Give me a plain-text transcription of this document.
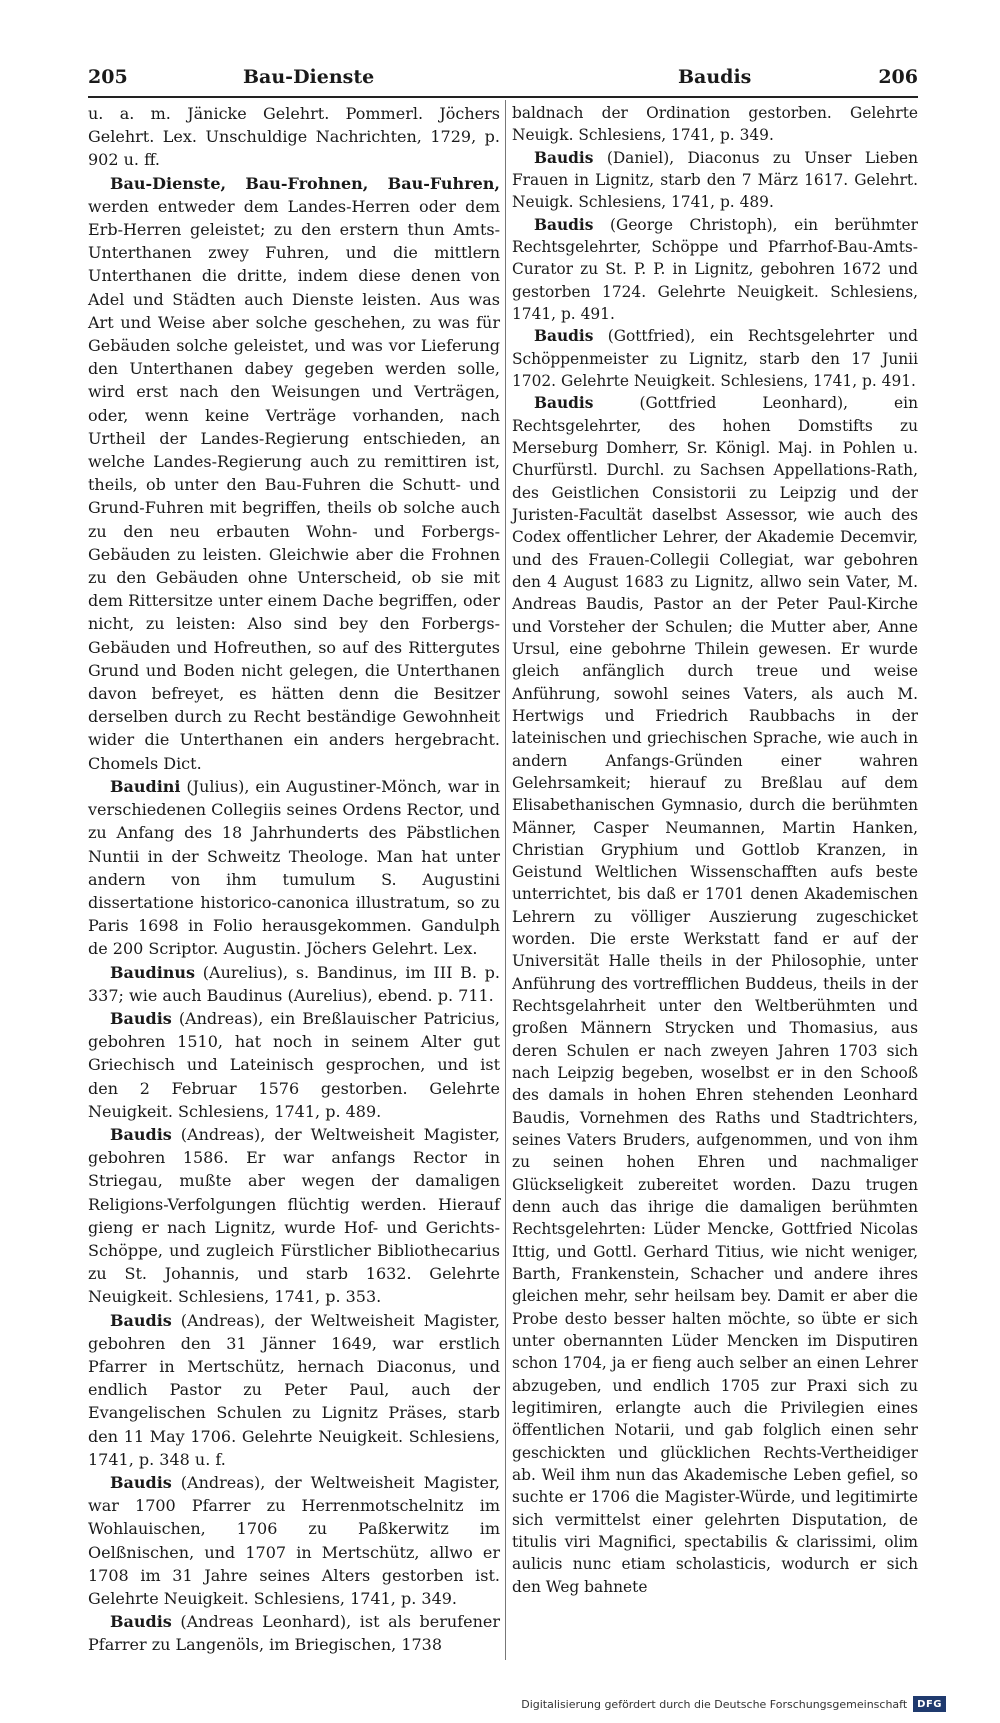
205	Bau-Dienste	Baudis	206

u. a. m. Jänicke Gelehrt. Pommerl. Jöchers Gelehrt. Lex. Unschuldige Nachrichten, 1729, p. 902 u. ff.

Bau-Dienste, Bau-Frohnen, Bau-Fuhren, werden entweder dem Landes-Herren oder dem Erb-Herren geleistet; zu den erstern thun Amts-Unterthanen zwey Fuhren, und die mittlern Unterthanen die dritte, indem diese denen von Adel und Städten auch Dienste leisten. Aus was Art und Weise aber solche geschehen, zu was für Gebäuden solche geleistet, und was vor Lieferung den Unterthanen dabey gegeben werden solle, wird erst nach den Weisungen und Verträgen, oder, wenn keine Verträge vorhanden, nach Urtheil der Landes-Regierung entschieden, an welche Landes-Regierung auch zu remittiren ist, theils, ob unter den Bau-Fuhren die Schutt- und Grund-Fuhren mit begriffen, theils ob solche auch zu den neu erbauten Wohn- und Forbergs-Gebäuden zu leisten. Gleichwie aber die Frohnen zu den Gebäuden ohne Unterscheid, ob sie mit dem Rittersitze unter einem Dache begriffen, oder nicht, zu leisten: Also sind bey den Forbergs-Gebäuden und Hofreuthen, so auf des Rittergutes Grund und Boden nicht gelegen, die Unterthanen davon befreyet, es hätten denn die Besitzer derselben durch zu Recht beständige Gewohnheit wider die Unterthanen ein anders hergebracht. Chomels Dict.

Baudini (Julius), ein Augustiner-Mönch, war in verschiedenen Collegiis seines Ordens Rector, und zu Anfang des 18 Jahrhunderts des Päbstlichen Nuntii in der Schweitz Theologe. Man hat unter andern von ihm tumulum S. Augustini dissertatione historico-canonica illustratum, so zu Paris 1698 in Folio herausgekommen. Gandulph de 200 Scriptor. Augustin. Jöchers Gelehrt. Lex.

Baudinus (Aurelius), s. Bandinus, im III B. p. 337; wie auch Baudinus (Aurelius), ebend. p. 711.

Baudis (Andreas), ein Breßlauischer Patricius, gebohren 1510, hat noch in seinem Alter gut Griechisch und Lateinisch gesprochen, und ist den 2 Februar 1576 gestorben. Gelehrte Neuigkeit. Schlesiens, 1741, p. 489.

Baudis (Andreas), der Weltweisheit Magister, gebohren 1586. Er war anfangs Rector in Striegau, mußte aber wegen der damaligen Religions-Verfolgungen flüchtig werden. Hierauf gieng er nach Lignitz, wurde Hof- und Gerichts-Schöppe, und zugleich Fürstlicher Bibliothecarius zu St. Johannis, und starb 1632. Gelehrte Neuigkeit. Schlesiens, 1741, p. 353.

Baudis (Andreas), der Weltweisheit Magister, gebohren den 31 Jänner 1649, war erstlich Pfarrer in Mertschütz, hernach Diaconus, und endlich Pastor zu Peter Paul, auch der Evangelischen Schulen zu Lignitz Präses, starb den 11 May 1706. Gelehrte Neuigkeit. Schlesiens, 1741, p. 348 u. f.

Baudis (Andreas), der Weltweisheit Magister, war 1700 Pfarrer zu Herrenmotschelnitz im Wohlauischen, 1706 zu Paßkerwitz im Oelßnischen, und 1707 in Mertschütz, allwo er 1708 im 31 Jahre seines Alters gestorben ist. Gelehrte Neuigkeit. Schlesiens, 1741, p. 349.

Baudis (Andreas Leonhard), ist als berufener Pfarrer zu Langenöls, im Briegischen, 1738

baldnach der Ordination gestorben. Gelehrte Neuigk. Schlesiens, 1741, p. 349.

Baudis (Daniel), Diaconus zu Unser Lieben Frauen in Lignitz, starb den 7 März 1617. Gelehrt. Neuigk. Schlesiens, 1741, p. 489.

Baudis (George Christoph), ein berühmter Rechtsgelehrter, Schöppe und Pfarrhof-Bau-Amts-Curator zu St. P. P. in Lignitz, gebohren 1672 und gestorben 1724. Gelehrte Neuigkeit. Schlesiens, 1741, p. 491.

Baudis (Gottfried), ein Rechtsgelehrter und Schöppenmeister zu Lignitz, starb den 17 Junii 1702. Gelehrte Neuigkeit. Schlesiens, 1741, p. 491.

Baudis	(Gottfried Leonhard), ein Rechtsgelehrter, des hohen Domstifts zu Merseburg Domherr, Sr. Königl. Maj. in Pohlen u. Churfürstl. Durchl. zu Sachsen Appellations-Rath, des Geistlichen Consistorii zu Leipzig und der Juristen-Facultät daselbst Assessor, wie auch des Codex offentlicher Lehrer, der Akademie Decemvir, und des Frauen-Collegii Collegiat, war gebohren den 4 August 1683 zu Lignitz, allwo sein Vater, M. Andreas Baudis, Pastor an der Peter Paul-Kirche und Vorsteher der Schulen; die Mutter aber, Anne Ursul, eine gebohrne Thilein gewesen. Er wurde gleich anfänglich durch treue und weise Anführung, sowohl seines Vaters, als auch M. Hertwigs und Friedrich Raubbachs in der lateinischen und griechischen Sprache, wie auch in andern Anfangs-Gründen einer wahren Gelehrsamkeit; hierauf zu Breßlau auf dem Elisabethanischen Gymnasio, durch die berühmten Männer, Casper Neumannen, Martin Hanken, Christian Gryphium und Gottlob Kranzen, in Geistund Weltlichen Wissenschafften aufs beste unterrichtet, bis daß er 1701 denen Akademischen Lehrern zu völliger Auszierung zugeschicket worden. Die erste Werkstatt fand er auf der Universität Halle theils in der Philosophie, unter Anführung des vortrefflichen Buddeus, theils in der Rechtsgelahrheit unter den Weltberühmten und großen Männern Strycken und Thomasius, aus deren Schulen er nach zweyen Jahren 1703 sich nach Leipzig begeben, woselbst er in den Schooß des damals in hohen Ehren stehenden Leonhard Baudis, Vornehmen des Raths und Stadtrichters, seines Vaters Bruders, aufgenommen, und von ihm zu seinen hohen Ehren und nachmaliger Glückseligkeit zubereitet worden. Dazu trugen denn auch das ihrige die damaligen berühmten Rechtsgelehrten: Lüder Mencke, Gottfried Nicolas Ittig, und Gottl. Gerhard Titius, wie nicht weniger, Barth, Frankenstein, Schacher und andere ihres gleichen mehr, sehr heilsam bey. Damit er aber die Probe desto besser halten möchte, so übte er sich unter obernannten Lüder Mencken im Disputiren schon 1704, ja er fieng auch selber an einen Lehrer abzugeben, und endlich 1705 zur Praxi sich zu legitimiren, erlangte auch die Privilegien eines öffentlichen Notarii, und gab folglich einen sehr geschickten und glücklichen Rechts-Vertheidiger ab. Weil ihm nun das Akademische Leben gefiel, so suchte er 1706 die Magister-Würde, und legitimirte sich vermittelst einer gelehrten Disputation, de titulis viri Magnifici, spectabilis & clarissimi, olim aulicis nunc etiam scholasticis, wodurch er sich den Weg bahnete

Digitalisierung gefördert durch die Deutsche Forschungsgemeinschaft	DFG
